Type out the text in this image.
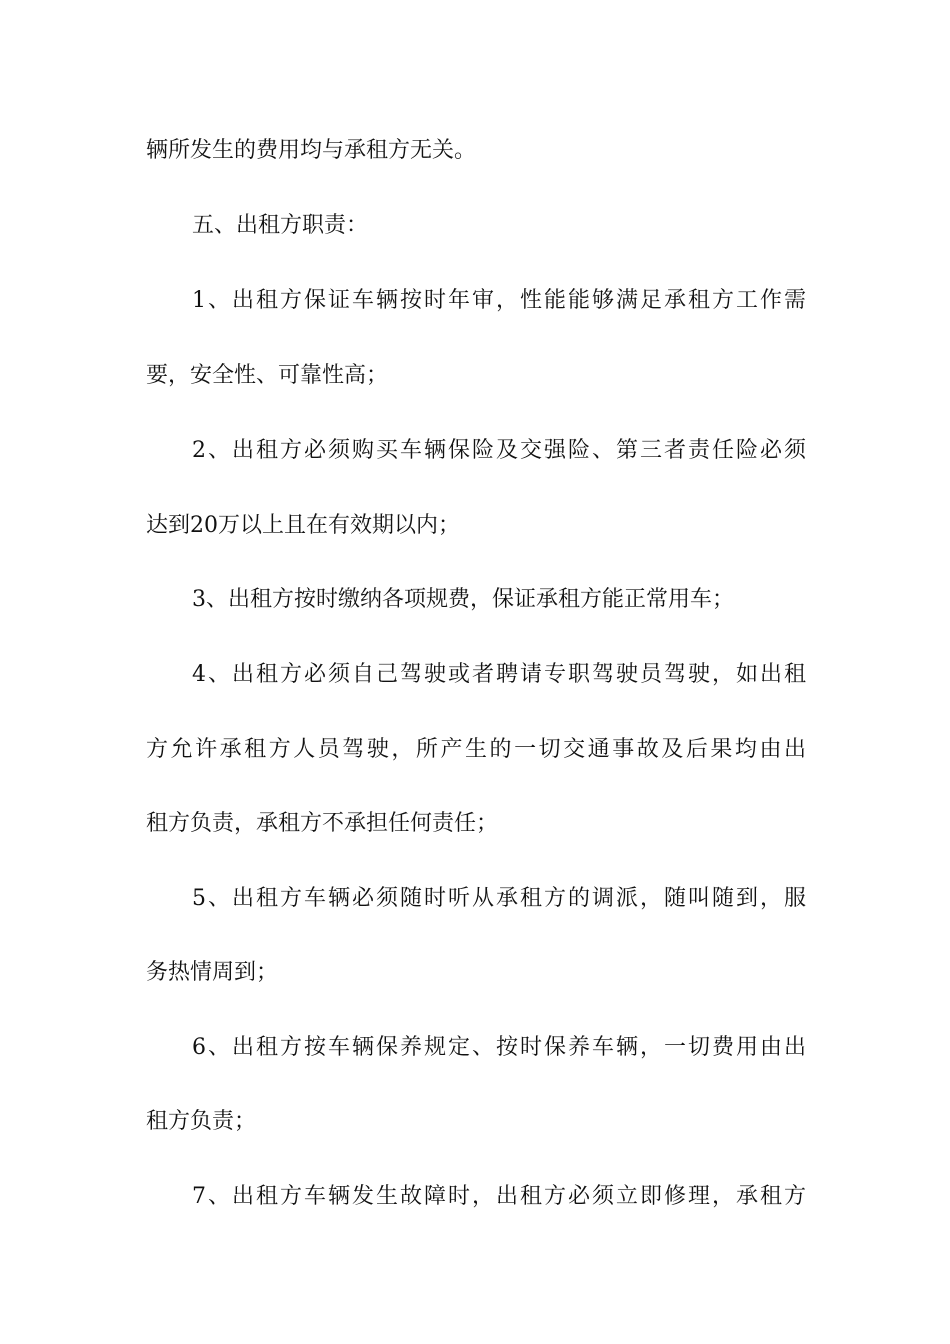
辆所发生的费用均与承租方无关。
五、出租方职责：
1、出租方保证车辆按时年审，性能能够满足承租方工作需
要，安全性、可靠性高；
2、出租方必须购买车辆保险及交强险、第三者责任险必须
达到20万以上且在有效期以内；
3、出租方按时缴纳各项规费，保证承租方能正常用车；
4、出租方必须自己驾驶或者聘请专职驾驶员驾驶，如出租
方允许承租方人员驾驶，所产生的一切交通事故及后果均由出
租方负责，承租方不承担任何责任；
5、出租方车辆必须随时听从承租方的调派，随叫随到，服
务热情周到；
6、出租方按车辆保养规定、按时保养车辆，一切费用由出
租方负责；
7、出租方车辆发生故障时，出租方必须立即修理，承租方
